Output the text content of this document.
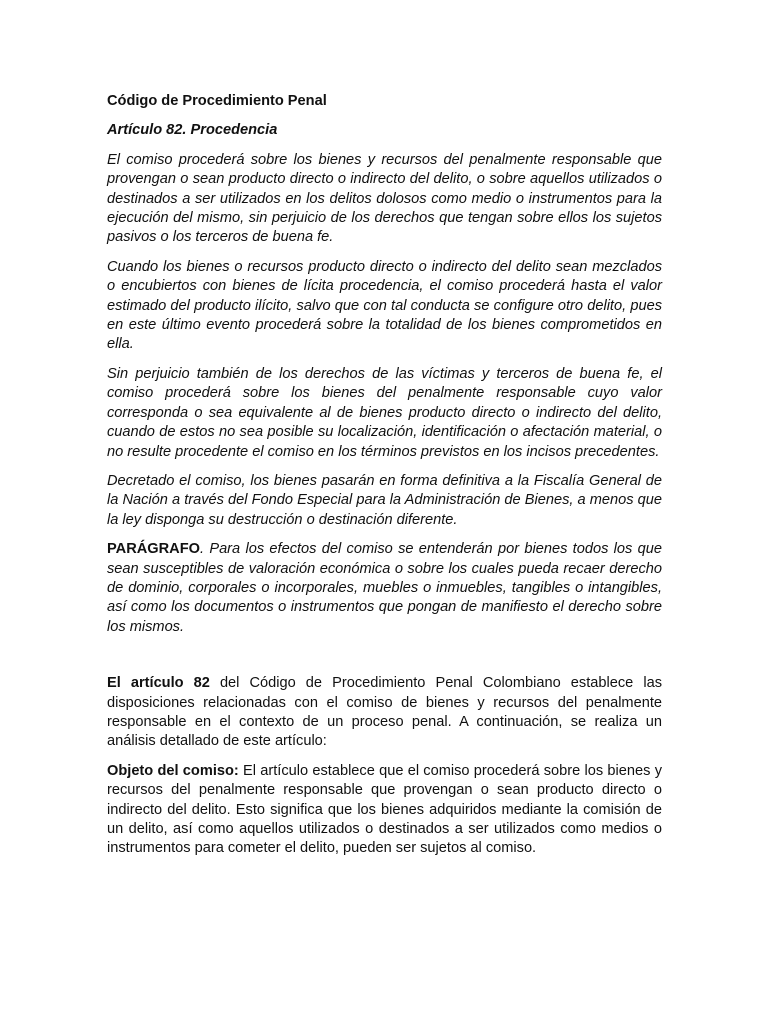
Código de Procedimiento Penal

Artículo 82. Procedencia

El comiso procederá sobre los bienes y recursos del penalmente responsable que provengan o sean producto directo o indirecto del delito, o sobre aquellos utilizados o destinados a ser utilizados en los delitos dolosos como medio o instrumentos para la ejecución del mismo, sin perjuicio de los derechos que tengan sobre ellos los sujetos pasivos o los terceros de buena fe.

Cuando los bienes o recursos producto directo o indirecto del delito sean mezclados o encubiertos con bienes de lícita procedencia, el comiso procederá hasta el valor estimado del producto ilícito, salvo que con tal conducta se configure otro delito, pues en este último evento procederá sobre la totalidad de los bienes comprometidos en ella.

Sin perjuicio también de los derechos de las víctimas y terceros de buena fe, el comiso procederá sobre los bienes del penalmente responsable cuyo valor corresponda o sea equivalente al de bienes producto directo o indirecto del delito, cuando de estos no sea posible su localización, identificación o afectación material, o no resulte procedente el comiso en los términos previstos en los incisos precedentes.

Decretado el comiso, los bienes pasarán en forma definitiva a la Fiscalía General de la Nación a través del Fondo Especial para la Administración de Bienes, a menos que la ley disponga su destrucción o destinación diferente.

PARÁGRAFO. Para los efectos del comiso se entenderán por bienes todos los que sean susceptibles de valoración económica o sobre los cuales pueda recaer derecho de dominio, corporales o incorporales, muebles o inmuebles, tangibles o intangibles, así como los documentos o instrumentos que pongan de manifiesto el derecho sobre los mismos.

El artículo 82 del Código de Procedimiento Penal Colombiano establece las disposiciones relacionadas con el comiso de bienes y recursos del penalmente responsable en el contexto de un proceso penal. A continuación, se realiza un análisis detallado de este artículo:

Objeto del comiso: El artículo establece que el comiso procederá sobre los bienes y recursos del penalmente responsable que provengan o sean producto directo o indirecto del delito. Esto significa que los bienes adquiridos mediante la comisión de un delito, así como aquellos utilizados o destinados a ser utilizados como medios o instrumentos para cometer el delito, pueden ser sujetos al comiso.
